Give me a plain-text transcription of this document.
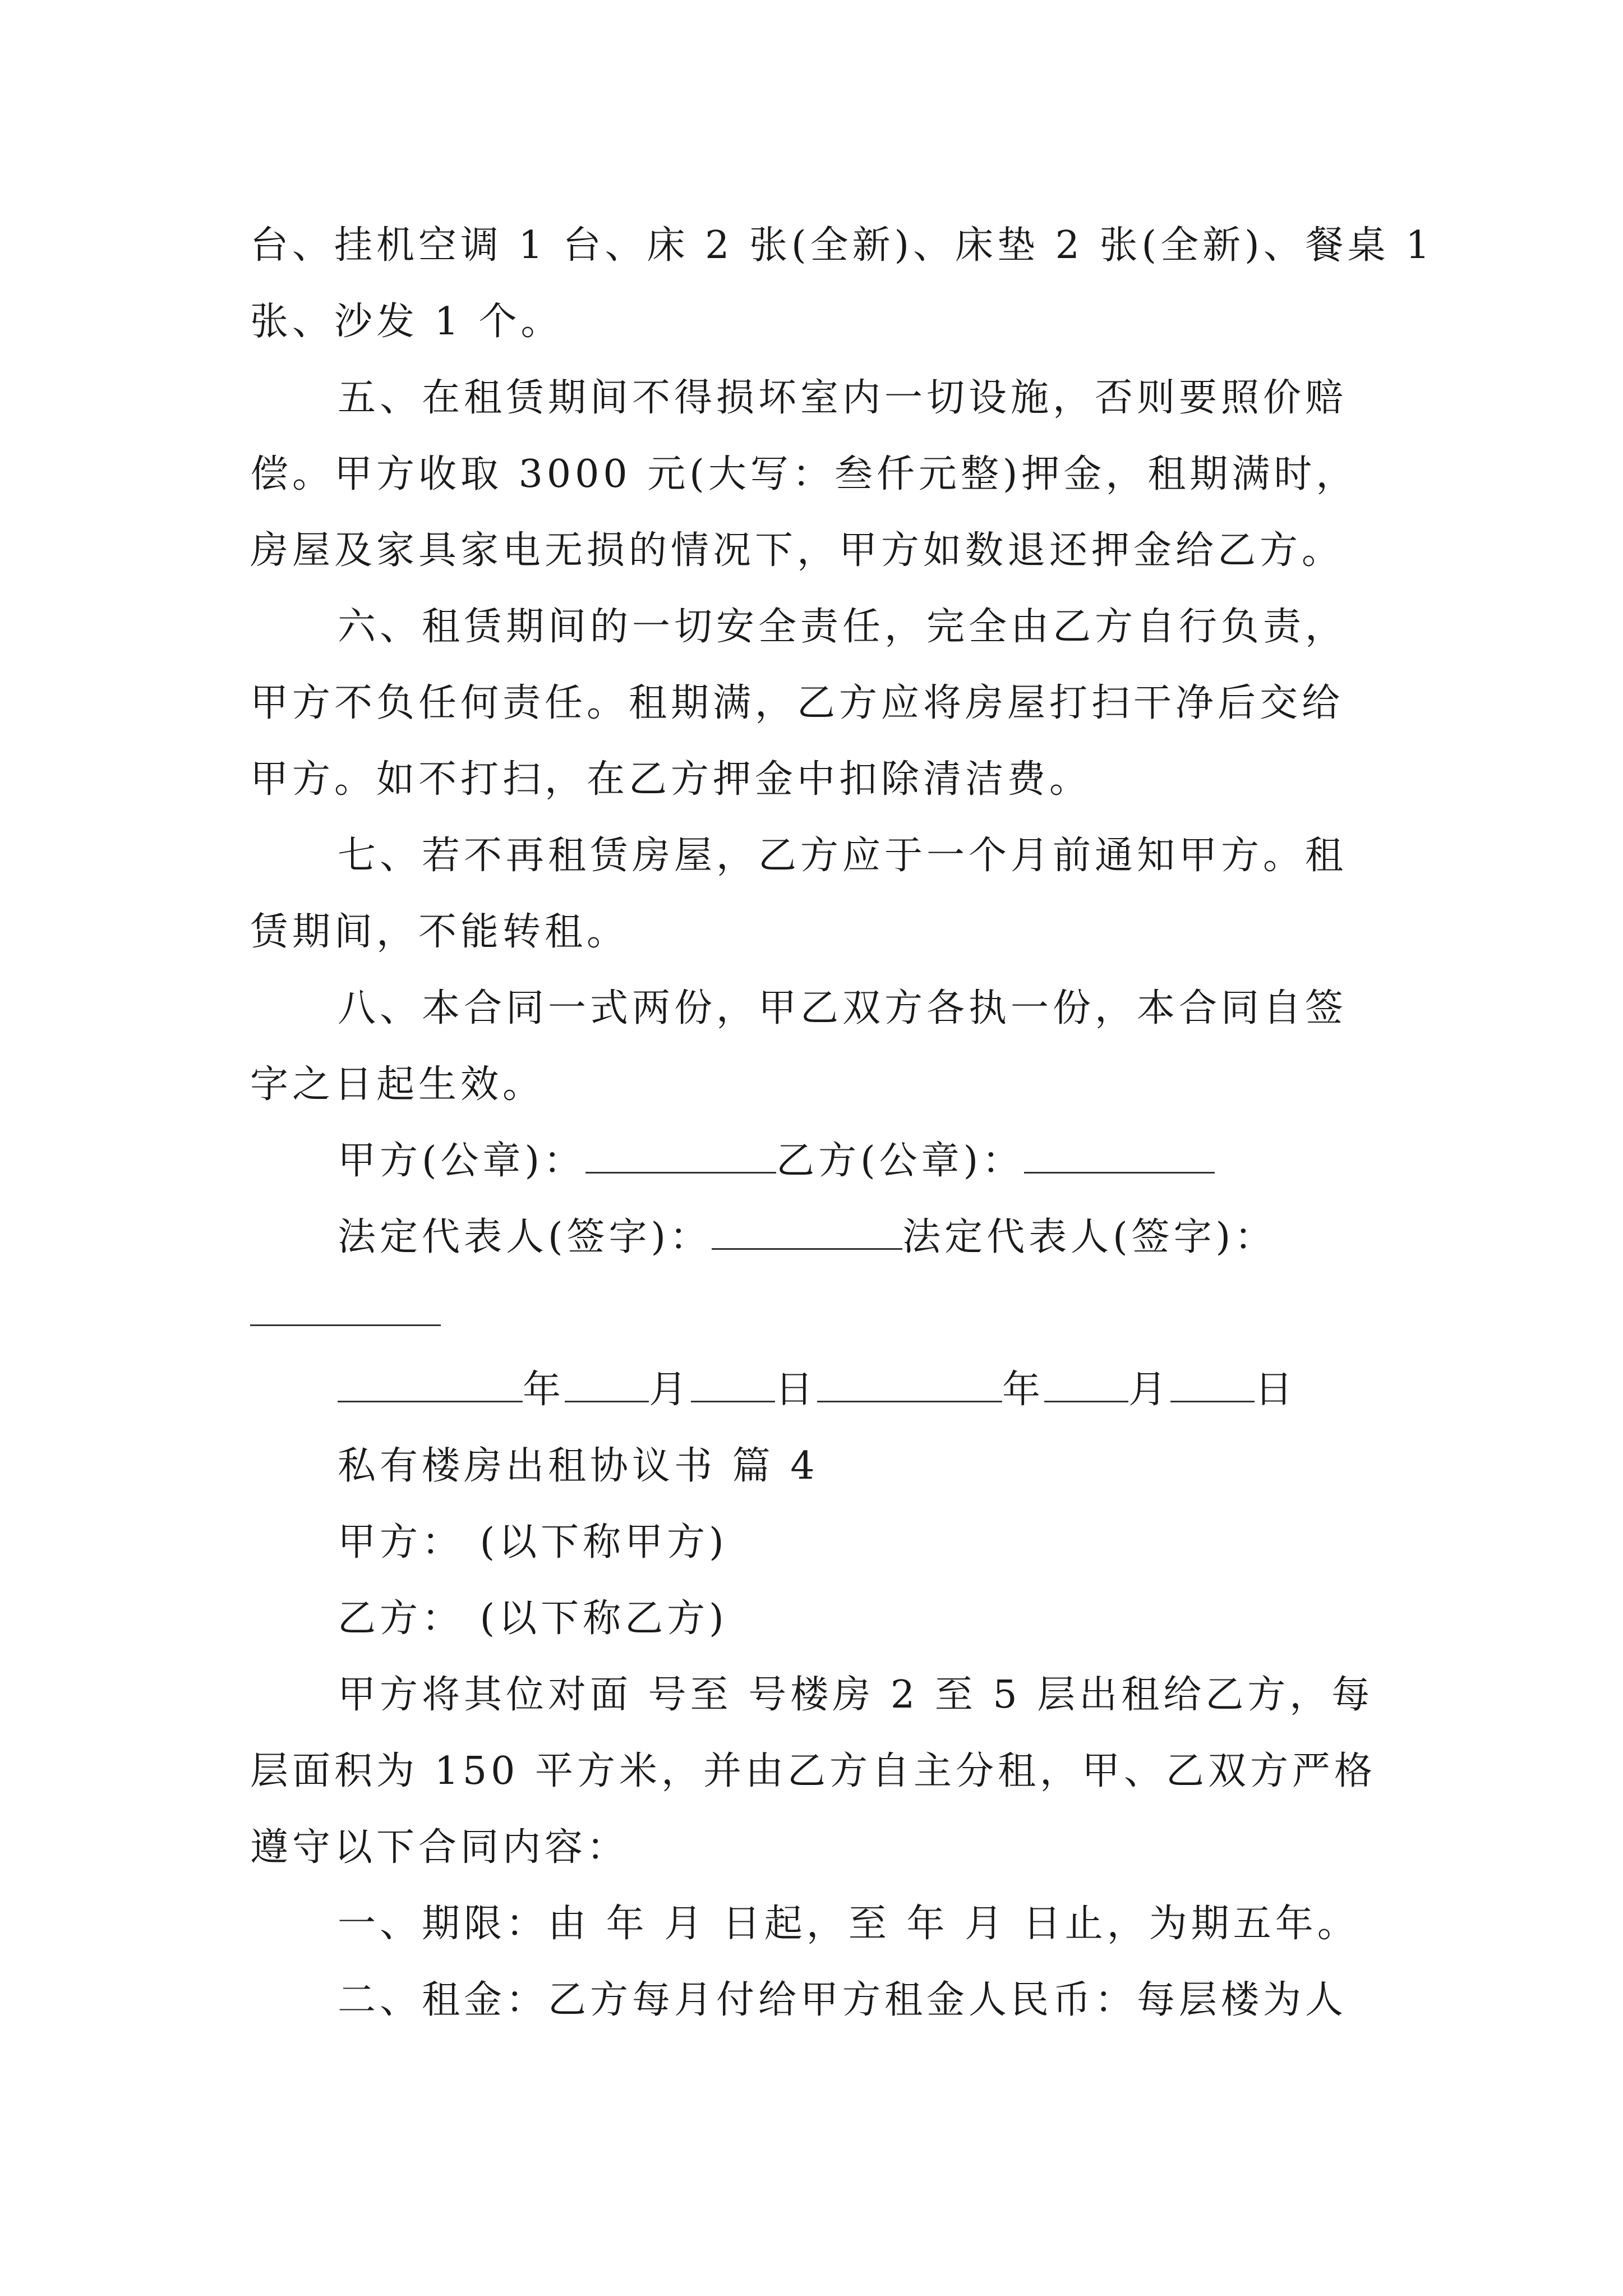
台、挂机空调 1 台、床 2 张(全新)、床垫 2 张(全新)、餐桌 1
张、沙发 1 个。
五、在租赁期间不得损坏室内一切设施，否则要照价赔
偿。甲方收取 3000 元(大写：叁仟元整)押金，租期满时，
房屋及家具家电无损的情况下，甲方如数退还押金给乙方。
六、租赁期间的一切安全责任，完全由乙方自行负责，
甲方不负任何责任。租期满，乙方应将房屋打扫干净后交给
甲方。如不打扫，在乙方押金中扣除清洁费。
七、若不再租赁房屋，乙方应于一个月前通知甲方。租
赁期间，不能转租。
八、本合同一式两份，甲乙双方各执一份，本合同自签
字之日起生效。
甲方(公章)：	乙方(公章)：
法定代表人(签字)：	法定代表人(签字)：
年 月 日	年 月 日
私有楼房出租协议书 篇 4
甲方： (以下称甲方)
乙方： (以下称乙方)
甲方将其位对面 号至 号楼房 2 至 5 层出租给乙方，每
层面积为 150 平方米，并由乙方自主分租，甲、乙双方严格
遵守以下合同内容：
一、期限：由 年 月 日起，至 年 月 日止，为期五年。
二、租金：乙方每月付给甲方租金人民币：每层楼为人
